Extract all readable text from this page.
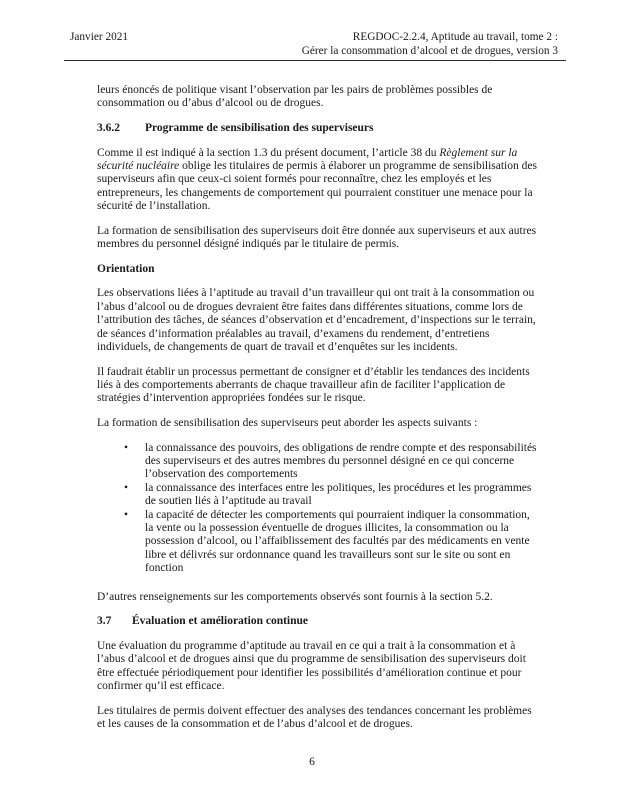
Janvier 2021	REGDOC-2.2.4, Aptitude au travail, tome 2 :
Gérer la consommation d’alcool et de drogues, version 3

leurs énoncés de politique visant l’observation par les pairs de problèmes possibles de consommation ou d’abus d’alcool ou de drogues.

3.6.2 Programme de sensibilisation des superviseurs

Comme il est indiqué à la section 1.3 du présent document, l’article 38 du Règlement sur la sécurité nucléaire oblige les titulaires de permis à élaborer un programme de sensibilisation des superviseurs afin que ceux-ci soient formés pour reconnaître, chez les employés et les entrepreneurs, les changements de comportement qui pourraient constituer une menace pour la sécurité de l’installation.

La formation de sensibilisation des superviseurs doit être donnée aux superviseurs et aux autres membres du personnel désigné indiqués par le titulaire de permis.

Orientation

Les observations liées à l’aptitude au travail d’un travailleur qui ont trait à la consommation ou l’abus d’alcool ou de drogues devraient être faites dans différentes situations, comme lors de l’attribution des tâches, de séances d’observation et d’encadrement, d’inspections sur le terrain, de séances d’information préalables au travail, d’examens du rendement, d’entretiens individuels, de changements de quart de travail et d’enquêtes sur les incidents.

Il faudrait établir un processus permettant de consigner et d’établir les tendances des incidents liés à des comportements aberrants de chaque travailleur afin de faciliter l’application de stratégies d’intervention appropriées fondées sur le risque.

La formation de sensibilisation des superviseurs peut aborder les aspects suivants :

• la connaissance des pouvoirs, des obligations de rendre compte et des responsabilités des superviseurs et des autres membres du personnel désigné en ce qui concerne l’observation des comportements
• la connaissance des interfaces entre les politiques, les procédures et les programmes de soutien liés à l’aptitude au travail
• la capacité de détecter les comportements qui pourraient indiquer la consommation, la vente ou la possession éventuelle de drogues illicites, la consommation ou la possession d’alcool, ou l’affaiblissement des facultés par des médicaments en vente libre et délivrés sur ordonnance quand les travailleurs sont sur le site ou sont en fonction

D’autres renseignements sur les comportements observés sont fournis à la section 5.2.

3.7 Évaluation et amélioration continue

Une évaluation du programme d’aptitude au travail en ce qui a trait à la consommation et à l’abus d’alcool et de drogues ainsi que du programme de sensibilisation des superviseurs doit être effectuée périodiquement pour identifier les possibilités d’amélioration continue et pour confirmer qu’il est efficace.

Les titulaires de permis doivent effectuer des analyses des tendances concernant les problèmes et les causes de la consommation et de l’abus d’alcool et de drogues.

6
